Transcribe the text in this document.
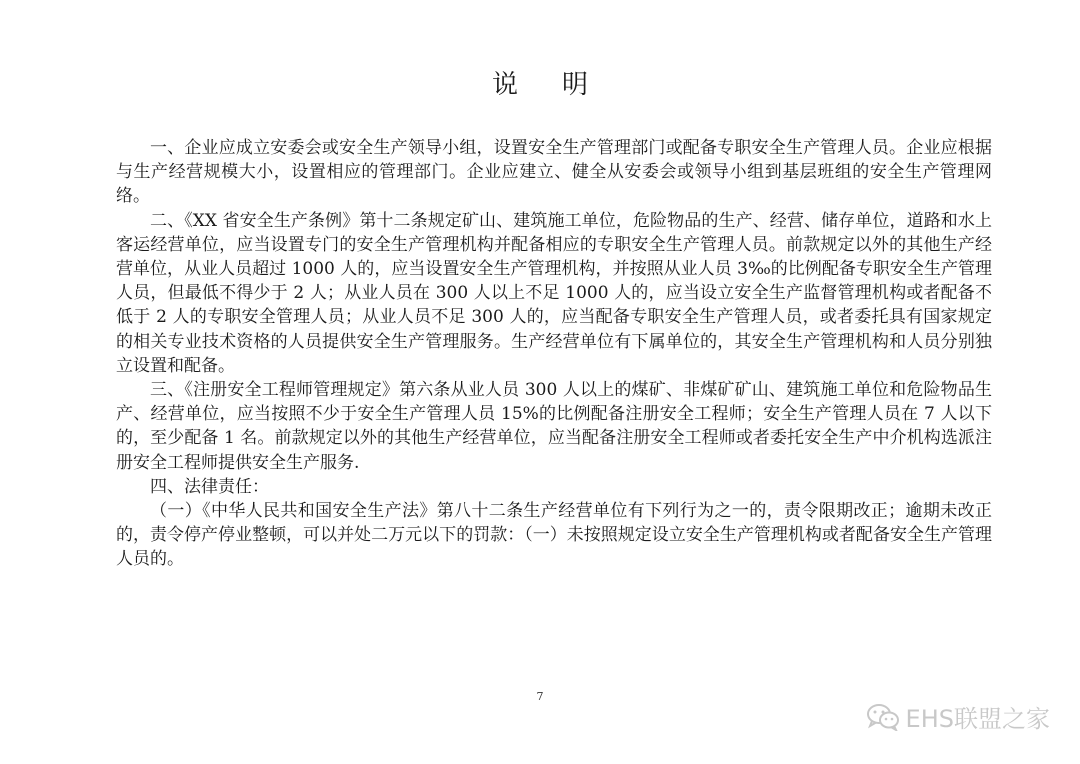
说明

一、企业应成立安委会或安全生产领导小组，设置安全生产管理部门或配备专职安全生产管理人员。企业应根据与生产经营规模大小，设置相应的管理部门。企业应建立、健全从安委会或领导小组到基层班组的安全生产管理网络。

二、《XX 省安全生产条例》第十二条规定矿山、建筑施工单位，危险物品的生产、经营、储存单位，道路和水上客运经营单位，应当设置专门的安全生产管理机构并配备相应的专职安全生产管理人员。前款规定以外的其他生产经营单位，从业人员超过 1000 人的，应当设置安全生产管理机构，并按照从业人员 3‰的比例配备专职安全生产管理人员，但最低不得少于 2 人；从业人员在 300 人以上不足 1000 人的，应当设立安全生产监督管理机构或者配备不低于 2 人的专职安全管理人员；从业人员不足 300 人的，应当配备专职安全生产管理人员，或者委托具有国家规定的相关专业技术资格的人员提供安全生产管理服务。生产经营单位有下属单位的，其安全生产管理机构和人员分别独立设置和配备。

三、《注册安全工程师管理规定》第六条从业人员 300 人以上的煤矿、非煤矿矿山、建筑施工单位和危险物品生产、经营单位，应当按照不少于安全生产管理人员 15%的比例配备注册安全工程师；安全生产管理人员在 7 人以下的，至少配备 1 名。前款规定以外的其他生产经营单位，应当配备注册安全工程师或者委托安全生产中介机构选派注册安全工程师提供安全生产服务.

四、法律责任：

（一）《中华人民共和国安全生产法》第八十二条生产经营单位有下列行为之一的，责令限期改正；逾期未改正的，责令停产停业整顿，可以并处二万元以下的罚款：（一）未按照规定设立安全生产管理机构或者配备安全生产管理人员的。

7
EHS联盟之家
